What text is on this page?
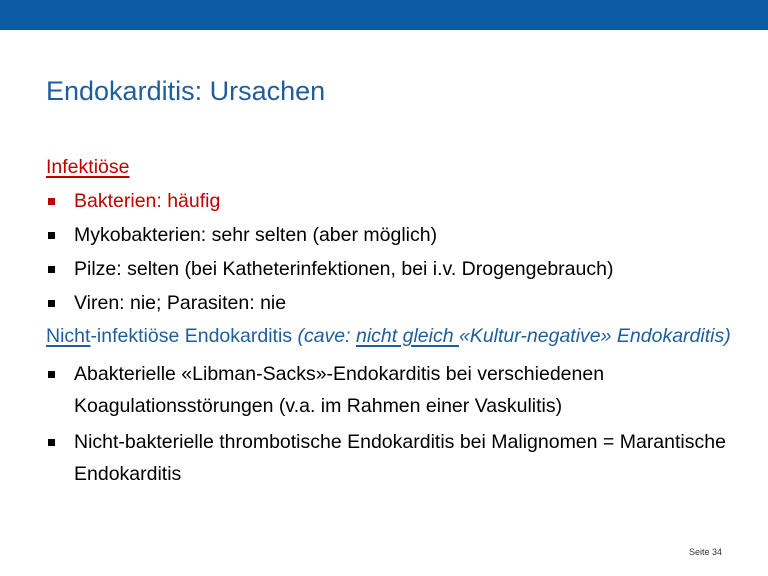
Endokarditis: Ursachen
Infektiöse
Bakterien: häufig
Mykobakterien: sehr selten (aber möglich)
Pilze: selten (bei Katheterinfektionen, bei i.v. Drogengebrauch)
Viren: nie; Parasiten: nie
Nicht-infektiöse Endokarditis (cave: nicht gleich «Kultur-negative» Endokarditis)
Abakterielle «Libman-Sacks»-Endokarditis bei verschiedenen Koagulationsstörungen (v.a. im Rahmen einer Vaskulitis)
Nicht-bakterielle thrombotische Endokarditis bei Malignomen = Marantische Endokarditis
Seite 34
